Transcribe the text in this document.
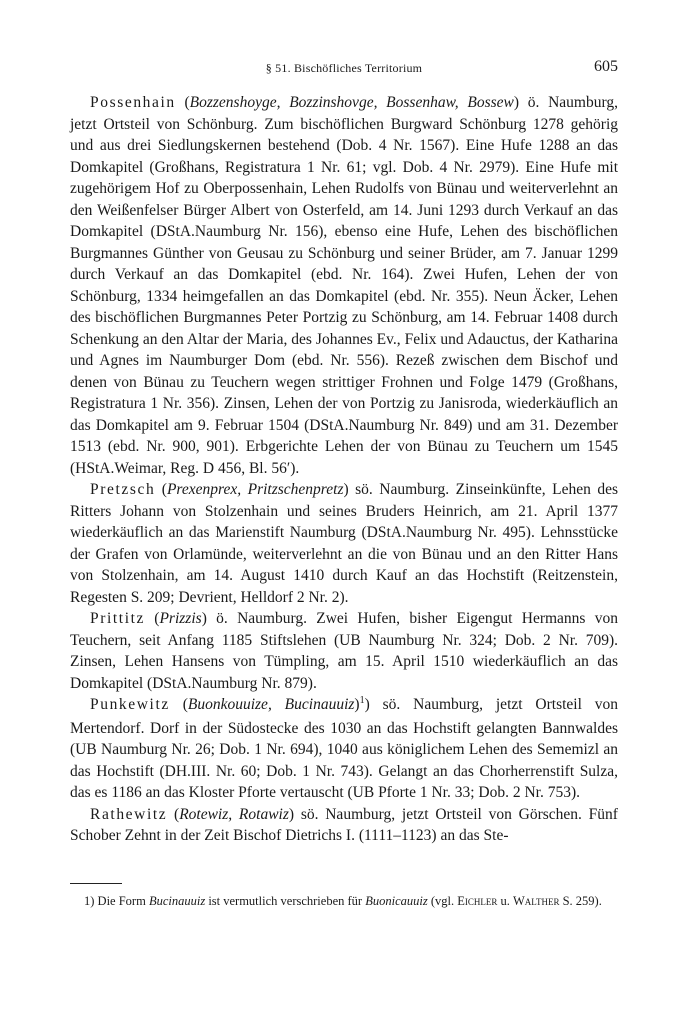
§ 51. Bischöfliches Territorium	605

Possenhain (Bozzenshoyge, Bozzinshovge, Bossenhaw, Bossew) ö. Naumburg, jetzt Ortsteil von Schönburg. Zum bischöflichen Burgward Schönburg 1278 gehörig und aus drei Siedlungskernen bestehend (Dob. 4 Nr. 1567). Eine Hufe 1288 an das Domkapitel (Großhans, Registratura 1 Nr. 61; vgl. Dob. 4 Nr. 2979). Eine Hufe mit zugehörigem Hof zu Oberpossenhain, Lehen Rudolfs von Bünau und weiterverlehnt an den Weißenfelser Bürger Albert von Osterfeld, am 14. Juni 1293 durch Verkauf an das Domkapitel (DStA.Naumburg Nr. 156), ebenso eine Hufe, Lehen des bischöflichen Burgmannes Günther von Geusau zu Schönburg und seiner Brüder, am 7. Januar 1299 durch Verkauf an das Domkapitel (ebd. Nr. 164). Zwei Hufen, Lehen der von Schönburg, 1334 heimgefallen an das Domkapitel (ebd. Nr. 355). Neun Äcker, Lehen des bischöflichen Burgmannes Peter Portzig zu Schönburg, am 14. Februar 1408 durch Schenkung an den Altar der Maria, des Johannes Ev., Felix und Adauctus, der Katharina und Agnes im Naumburger Dom (ebd. Nr. 556). Rezeß zwischen dem Bischof und denen von Bünau zu Teuchern wegen strittiger Frohnen und Folge 1479 (Großhans, Registratura 1 Nr. 356). Zinsen, Lehen der von Portzig zu Janisroda, wiederkäuflich an das Domkapitel am 9. Februar 1504 (DStA.Naumburg Nr. 849) und am 31. Dezember 1513 (ebd. Nr. 900, 901). Erbgerichte Lehen der von Bünau zu Teuchern um 1545 (HStA.Weimar, Reg. D 456, Bl. 56′).

Pretzsch (Prexenprex, Pritzschenpretz) sö. Naumburg. Zinseinkünfte, Lehen des Ritters Johann von Stolzenhain und seines Bruders Heinrich, am 21. April 1377 wiederkäuflich an das Marienstift Naumburg (DStA.Naumburg Nr. 495). Lehnsstücke der Grafen von Orlamünde, weiterverlehnt an die von Bünau und an den Ritter Hans von Stolzenhain, am 14. August 1410 durch Kauf an das Hochstift (Reitzenstein, Regesten S. 209; Devrient, Helldorf 2 Nr. 2).

Prittitz (Prizzis) ö. Naumburg. Zwei Hufen, bisher Eigengut Hermanns von Teuchern, seit Anfang 1185 Stiftslehen (UB Naumburg Nr. 324; Dob. 2 Nr. 709). Zinsen, Lehen Hansens von Tümpling, am 15. April 1510 wiederkäuflich an das Domkapitel (DStA.Naumburg Nr. 879).

Punkewitz (Buonkouuize, Bucinauuiz)$^1$) sö. Naumburg, jetzt Ortsteil von Mertendorf. Dorf in der Südostecke des 1030 an das Hochstift gelangten Bannwaldes (UB Naumburg Nr. 26; Dob. 1 Nr. 694), 1040 aus königlichem Lehen des Sememizl an das Hochstift (DH.III. Nr. 60; Dob. 1 Nr. 743). Gelangt an das Chorherrenstift Sulza, das es 1186 an das Kloster Pforte vertauscht (UB Pforte 1 Nr. 33; Dob. 2 Nr. 753).

Rathewitz (Rotewiz, Rotawiz) sö. Naumburg, jetzt Ortsteil von Görschen. Fünf Schober Zehnt in der Zeit Bischof Dietrichs I. (1111–1123) an das Ste-

1) Die Form Bucinauuiz ist vermutlich verschrieben für Buonicauuiz (vgl. Eichler u. Walther S. 259).
